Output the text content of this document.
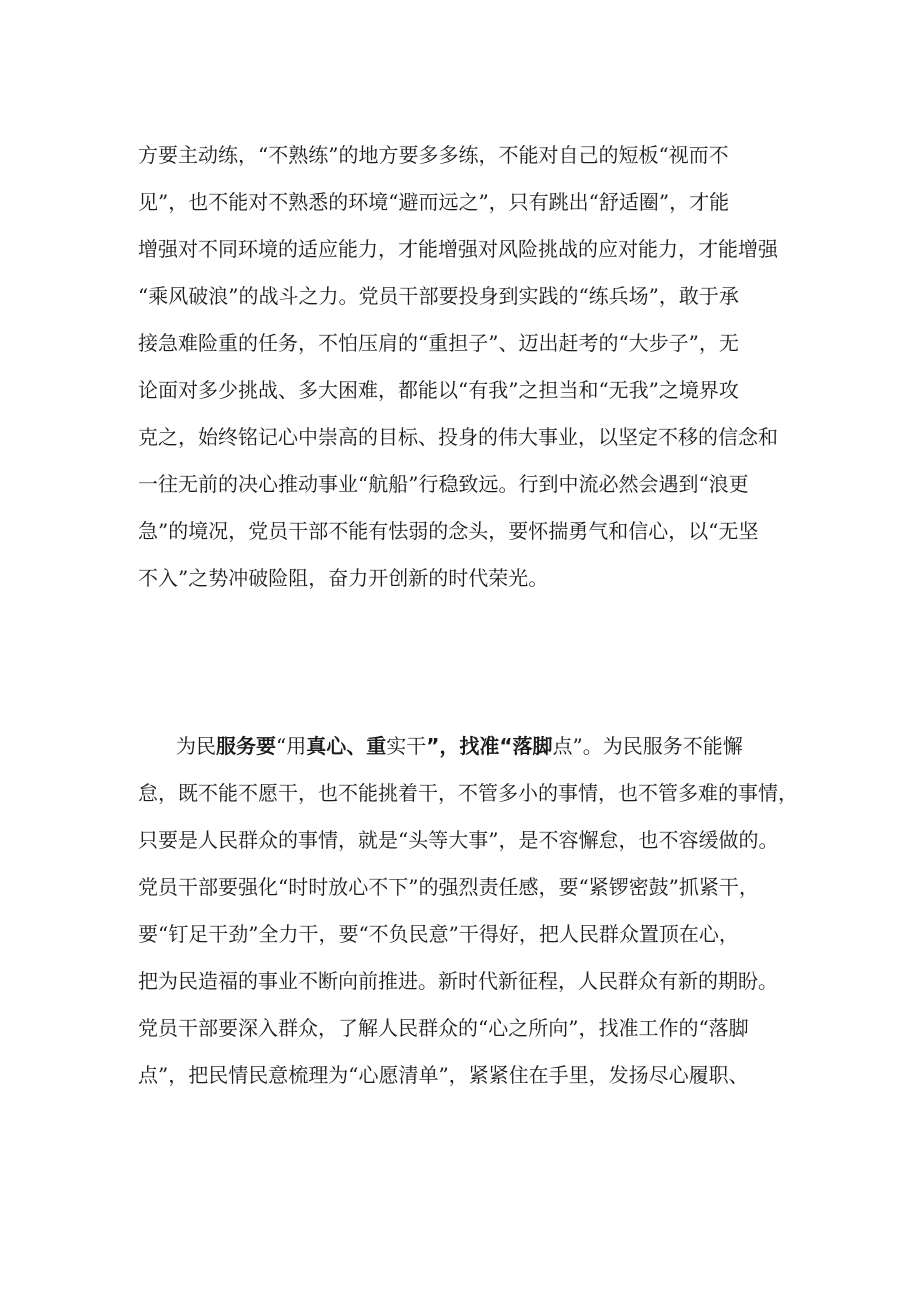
方要主动练，“不熟练”的地方要多多练，不能对自己的短板“视而不
见”，也不能对不熟悉的环境“避而远之”，只有跳出“舒适圈”，才能
增强对不同环境的适应能力，才能增强对风险挑战的应对能力，才能增强
“乘风破浪”的战斗之力。党员干部要投身到实践的“练兵场”，敢于承
接急难险重的任务，不怕压肩的“重担子”、迈出赶考的“大步子”，无
论面对多少挑战、多大困难，都能以“有我”之担当和“无我”之境界攻
克之，始终铭记心中崇高的目标、投身的伟大事业，以坚定不移的信念和
一往无前的决心推动事业“航船”行稳致远。行到中流必然会遇到“浪更
急”的境况，党员干部不能有怯弱的念头，要怀揣勇气和信心，以“无坚
不入”之势冲破险阻，奋力开创新的时代荣光。
为民服务要“用真心、重实干”，找准“落脚点”。为民服务不能懈
怠，既不能不愿干，也不能挑着干，不管多小的事情，也不管多难的事情，
只要是人民群众的事情，就是“头等大事”，是不容懈怠，也不容缓做的。
党员干部要强化“时时放心不下”的强烈责任感，要“紧锣密鼓”抓紧干，
要“钉足干劲”全力干，要“不负民意”干得好，把人民群众置顶在心，
把为民造福的事业不断向前推进。新时代新征程，人民群众有新的期盼。
党员干部要深入群众，了解人民群众的“心之所向”，找准工作的“落脚
点”，把民情民意梳理为“心愿清单”，紧紧住在手里，发扬尽心履职、
